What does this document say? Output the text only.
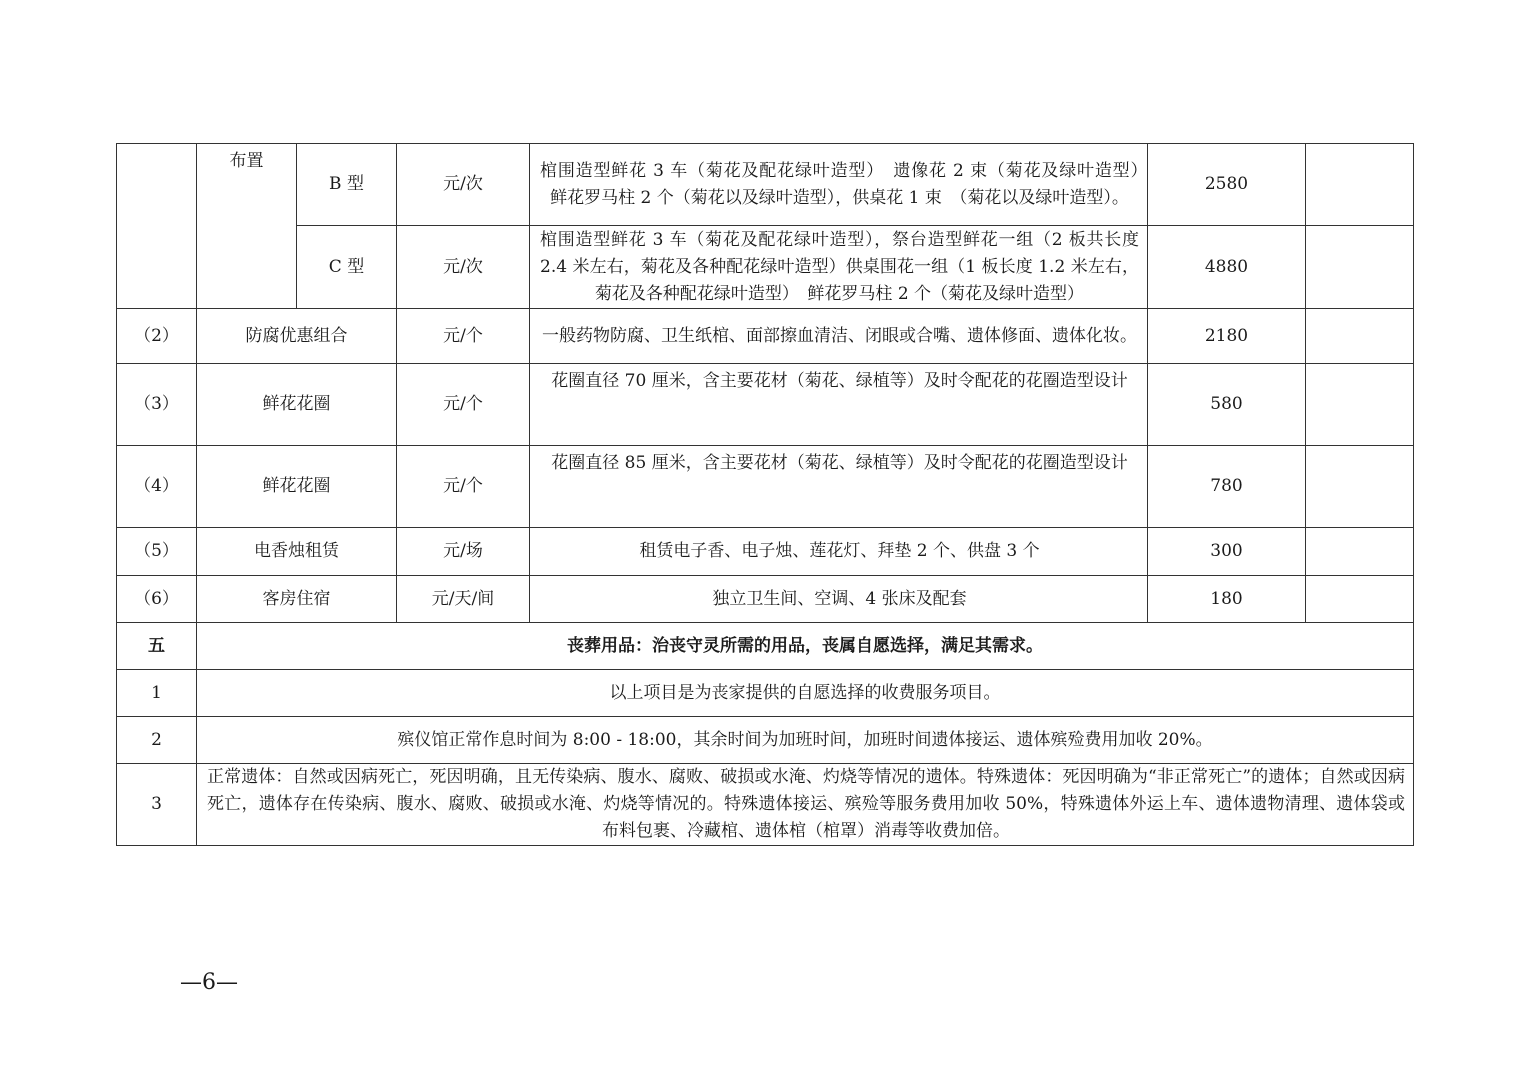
	布置	B 型	元/次	棺围造型鲜花 3 车（菊花及配花绿叶造型）　遗像花 2 束（菊花及绿叶造型）　鲜花罗马柱 2 个（菊花以及绿叶造型），供桌花 1 束　（菊花以及绿叶造型）。	2580	
		C 型	元/次	棺围造型鲜花 3 车（菊花及配花绿叶造型），祭台造型鲜花一组（2 板共长度 2.4 米左右，菊花及各种配花绿叶造型）供桌围花一组（1 板长度 1.2 米左右，菊花及各种配花绿叶造型）　鲜花罗马柱 2 个（菊花及绿叶造型）	4880	
（2）	防腐优惠组合		元/个	一般药物防腐、卫生纸棺、面部擦血清洁、闭眼或合嘴、遗体修面、遗体化妆。	2180	
（3）	鲜花花圈		元/个	花圈直径 70 厘米，含主要花材（菊花、绿植等）及时令配花的花圈造型设计	580	
（4）	鲜花花圈		元/个	花圈直径 85 厘米，含主要花材（菊花、绿植等）及时令配花的花圈造型设计	780	
（5）	电香烛租赁		元/场	租赁电子香、电子烛、莲花灯、拜垫 2 个、供盘 3 个	300	
（6）	客房住宿		元/天/间	独立卫生间、空调、4 张床及配套	180	
五	丧葬用品：治丧守灵所需的用品，丧属自愿选择，满足其需求。					
1	以上项目是为丧家提供的自愿选择的收费服务项目。					
2	殡仪馆正常作息时间为 8:00 - 18:00，其余时间为加班时间，加班时间遗体接运、遗体殡殓费用加收 20%。					
3	正常遗体：自然或因病死亡，死因明确，且无传染病、腹水、腐败、破损或水淹、灼烧等情况的遗体。特殊遗体：死因明确为“非正常死亡”的遗体；自然或因病死亡，遗体存在传染病、腹水、腐败、破损或水淹、灼烧等情况的。特殊遗体接运、殡殓等服务费用加收 50%，特殊遗体外运上车、遗体遗物清理、遗体袋或布料包裹、冷藏棺、遗体棺（棺罩）消毒等收费加倍。					
—6—
